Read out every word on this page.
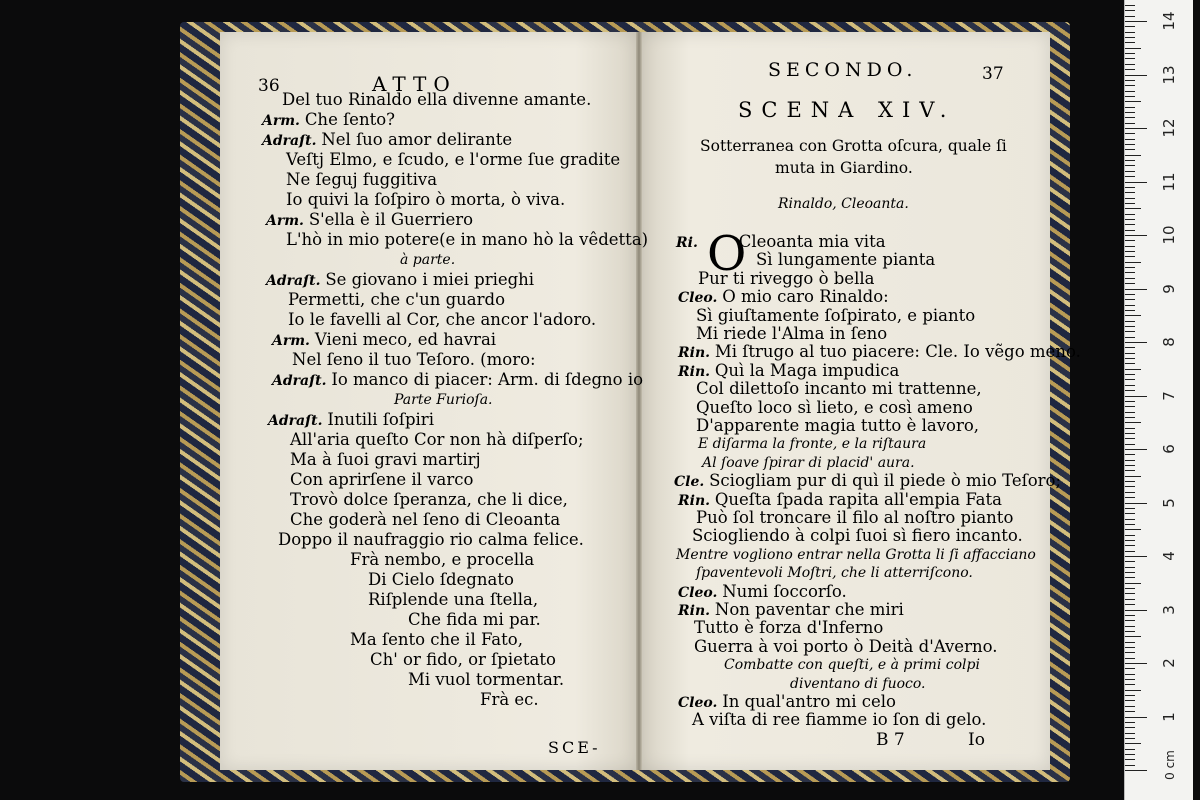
36	ATTO
Del tuo Rinaldo ella divenne amante.
Arm. Che ſento?
Adraſt. Nel ſuo amor delirante
Veſtj Elmo, e ſcudo, e l'orme ſue gradite
Ne ſeguj fuggitiva
Io quivi la ſoſpiro ò morta, ò viva.
Arm. S'ella è il Guerriero
L'hò in mio potere(e in mano hò la vêdetta)
à parte.
Adraſt. Se giovano i miei prieghi
Permetti, che c'un guardo
Io le favelli al Cor, che ancor l'adoro.
Arm. Vieni meco, ed havrai
Nel ſeno il tuo Teſoro. (moro:
Adraſt. Io manco di piacer: Arm. di ſdegno io
Parte Furioſa.
Adraſt. Inutili ſoſpiri
All'aria queſto Cor non hà diſperſo;
Ma à ſuoi gravi martirj
Con aprirſene il varco
Trovò dolce ſperanza, che li dice,
Che goderà nel ſeno di Cleoanta
Doppo il naufraggio rio calma felice.
Frà nembo, e procella
Di Cielo ſdegnato
Riſplende una ſtella,
Che fida mi par.
Ma ſento che il Fato,
Ch' or fido, or ſpietato
Mi vuol tormentar.
Frà ec.
SCE-
SECONDO.	37
SCENA XIV.
Sotterranea con Grotta oſcura, quale ſi
muta in Giardino.
Rinaldo, Cleoanta.
O
Ri. Cleoanta mia vita
Sì lungamente pianta
Pur ti riveggo ò bella
Cleo. O mio caro Rinaldo:
Sì giuſtamente ſoſpirato, e pianto
Mi riede l'Alma in ſeno
Rin. Mi ſtrugo al tuo piacere: Cle. Io vẽgo meno.
Rin. Quì la Maga impudica
Col dilettoſo incanto mi trattenne,
Queſto loco sì lieto, e così ameno
D'apparente magia tutto è lavoro,
E diſarma la fronte, e la riſtaura
Al ſoave ſpirar di placid' aura.
Cle. Sciogliam pur di quì il piede ò mio Teſoro;
Rin. Queſta ſpada rapita all'empia Fata
Può ſol troncare il filo al noſtro pianto
Sciogliendo à colpi ſuoi sì fiero incanto.
Mentre vogliono entrar nella Grotta li ſi affacciano
ſpaventevoli Moſtri, che li atterriſcono.
Cleo. Numi ſoccorſo.
Rin. Non paventar che miri
Tutto è forza d'Inferno
Guerra à voi porto ò Deità d'Averno.
Combatte con queſti, e à primi colpi
diventano di fuoco.
Cleo. In qual'antro mi celo
A viſta di ree fiamme io ſon di gelo.
B 7	Io
1
2
3
4
5
6
7
8
9
10
11
12
13
14
0 cm
